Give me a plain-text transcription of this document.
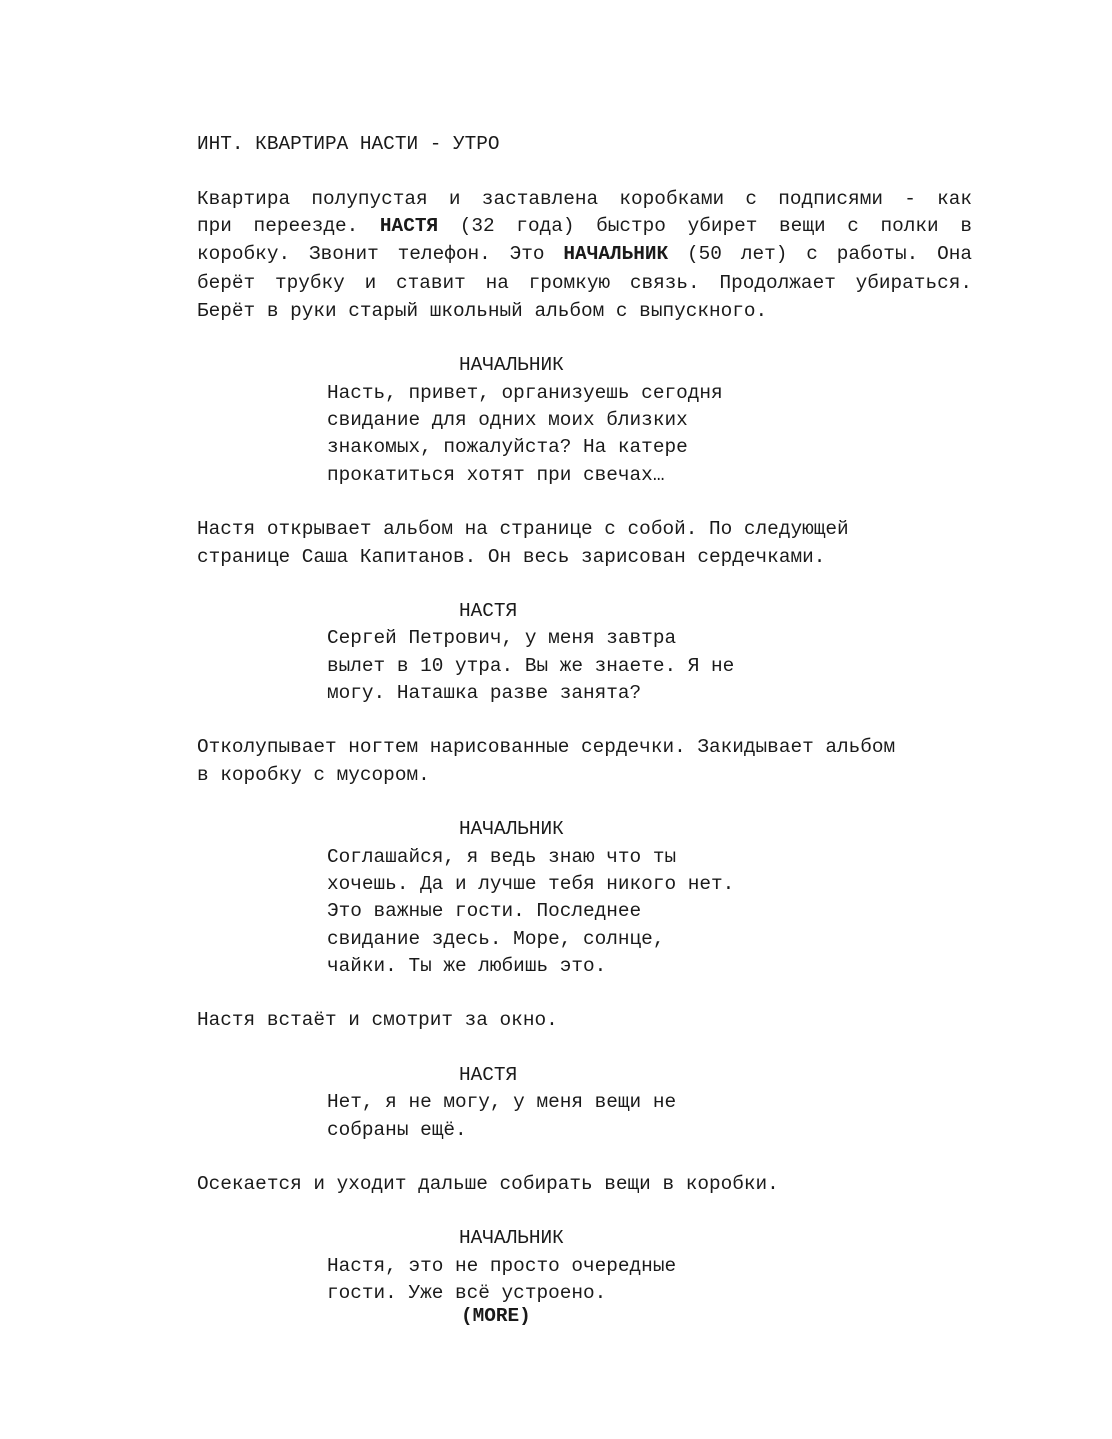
ИНТ. КВАРТИРА НАСТИ - УТРО

Квартира полупустая и заставлена коробками с подписями - как

при переезде. НАСТЯ (32 года) быстро убирет вещи с полки в

коробку. Звонит телефон. Это НАЧАЛЬНИК (50 лет) с работы. Она

берёт трубку и ставит на громкую связь. Продолжает убираться.

Берёт в руки старый школьный альбом с выпускного.

НАЧАЛЬНИК

Насть, привет, организуешь сегодня

свидание для одних моих близких

знакомых, пожалуйста? На катере

прокатиться хотят при свечах…

Настя открывает альбом на странице с собой. По следующей

странице Саша Капитанов. Он весь зарисован сердечками.

НАСТЯ

Сергей Петрович, у меня завтра

вылет в 10 утра. Вы же знаете. Я не

могу. Наташка разве занята?

Отколупывает ногтем нарисованные сердечки. Закидывает альбом

в коробку с мусором.

НАЧАЛЬНИК

Соглашайся, я ведь знаю что ты

хочешь. Да и лучше тебя никого нет.

Это важные гости. Последнее

свидание здесь. Море, солнце,

чайки. Ты же любишь это.

Настя встаёт и смотрит за окно.

НАСТЯ

Нет, я не могу, у меня вещи не

собраны ещё.

Осекается и уходит дальше собирать вещи в коробки.

НАЧАЛЬНИК

Настя, это не просто очередные

гости. Уже всё устроено.

(MORE)
